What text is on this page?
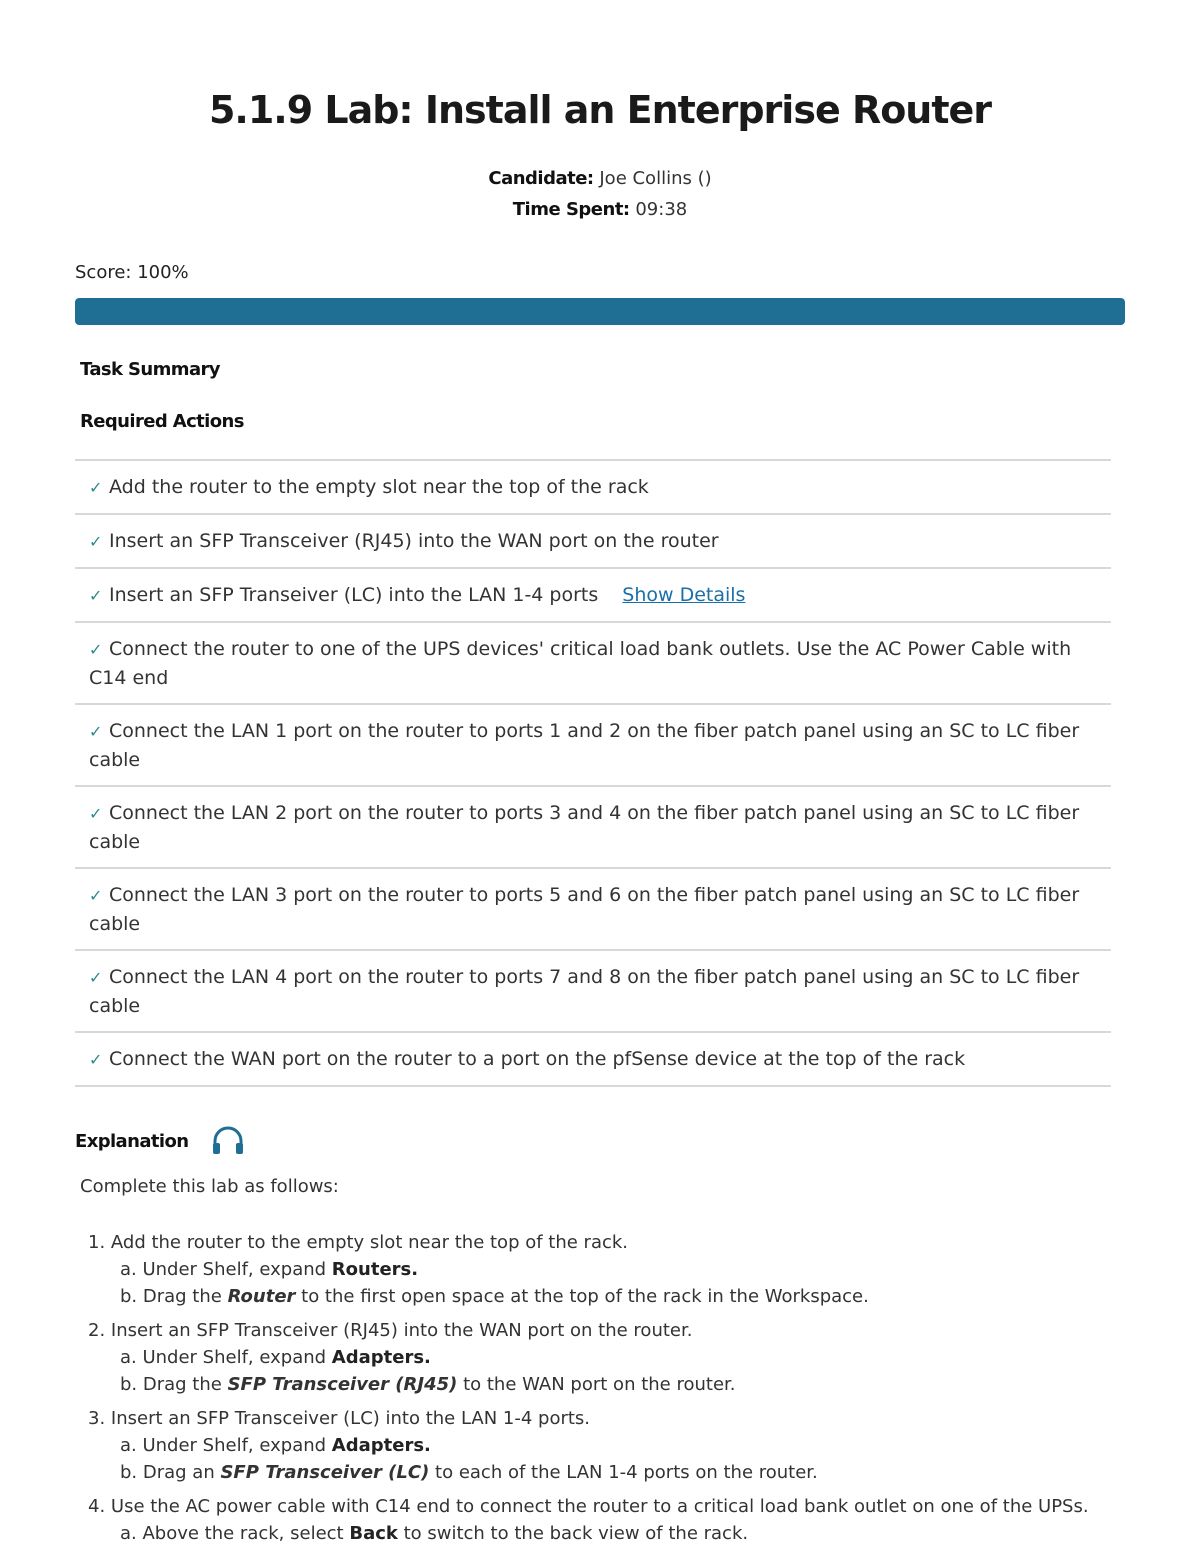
5.1.9 Lab: Install an Enterprise Router
Candidate: Joe Collins ()
Time Spent: 09:38
Score: 100%
Task Summary
Required Actions
✓ Add the router to the empty slot near the top of the rack
✓ Insert an SFP Transceiver (RJ45) into the WAN port on the router
✓ Insert an SFP Transeiver (LC) into the LAN 1-4 ports Show Details
✓ Connect the router to one of the UPS devices' critical load bank outlets. Use the AC Power Cable with C14 end
✓ Connect the LAN 1 port on the router to ports 1 and 2 on the fiber patch panel using an SC to LC fiber cable
✓ Connect the LAN 2 port on the router to ports 3 and 4 on the fiber patch panel using an SC to LC fiber cable
✓ Connect the LAN 3 port on the router to ports 5 and 6 on the fiber patch panel using an SC to LC fiber cable
✓ Connect the LAN 4 port on the router to ports 7 and 8 on the fiber patch panel using an SC to LC fiber cable
✓ Connect the WAN port on the router to a port on the pfSense device at the top of the rack
Explanation
Complete this lab as follows:
1. Add the router to the empty slot near the top of the rack.
a. Under Shelf, expand Routers.
b. Drag the Router to the first open space at the top of the rack in the Workspace.
2. Insert an SFP Transceiver (RJ45) into the WAN port on the router.
a. Under Shelf, expand Adapters.
b. Drag the SFP Transceiver (RJ45) to the WAN port on the router.
3. Insert an SFP Transceiver (LC) into the LAN 1-4 ports.
a. Under Shelf, expand Adapters.
b. Drag an SFP Transceiver (LC) to each of the LAN 1-4 ports on the router.
4. Use the AC power cable with C14 end to connect the router to a critical load bank outlet on one of the UPSs.
a. Above the rack, select Back to switch to the back view of the rack.
